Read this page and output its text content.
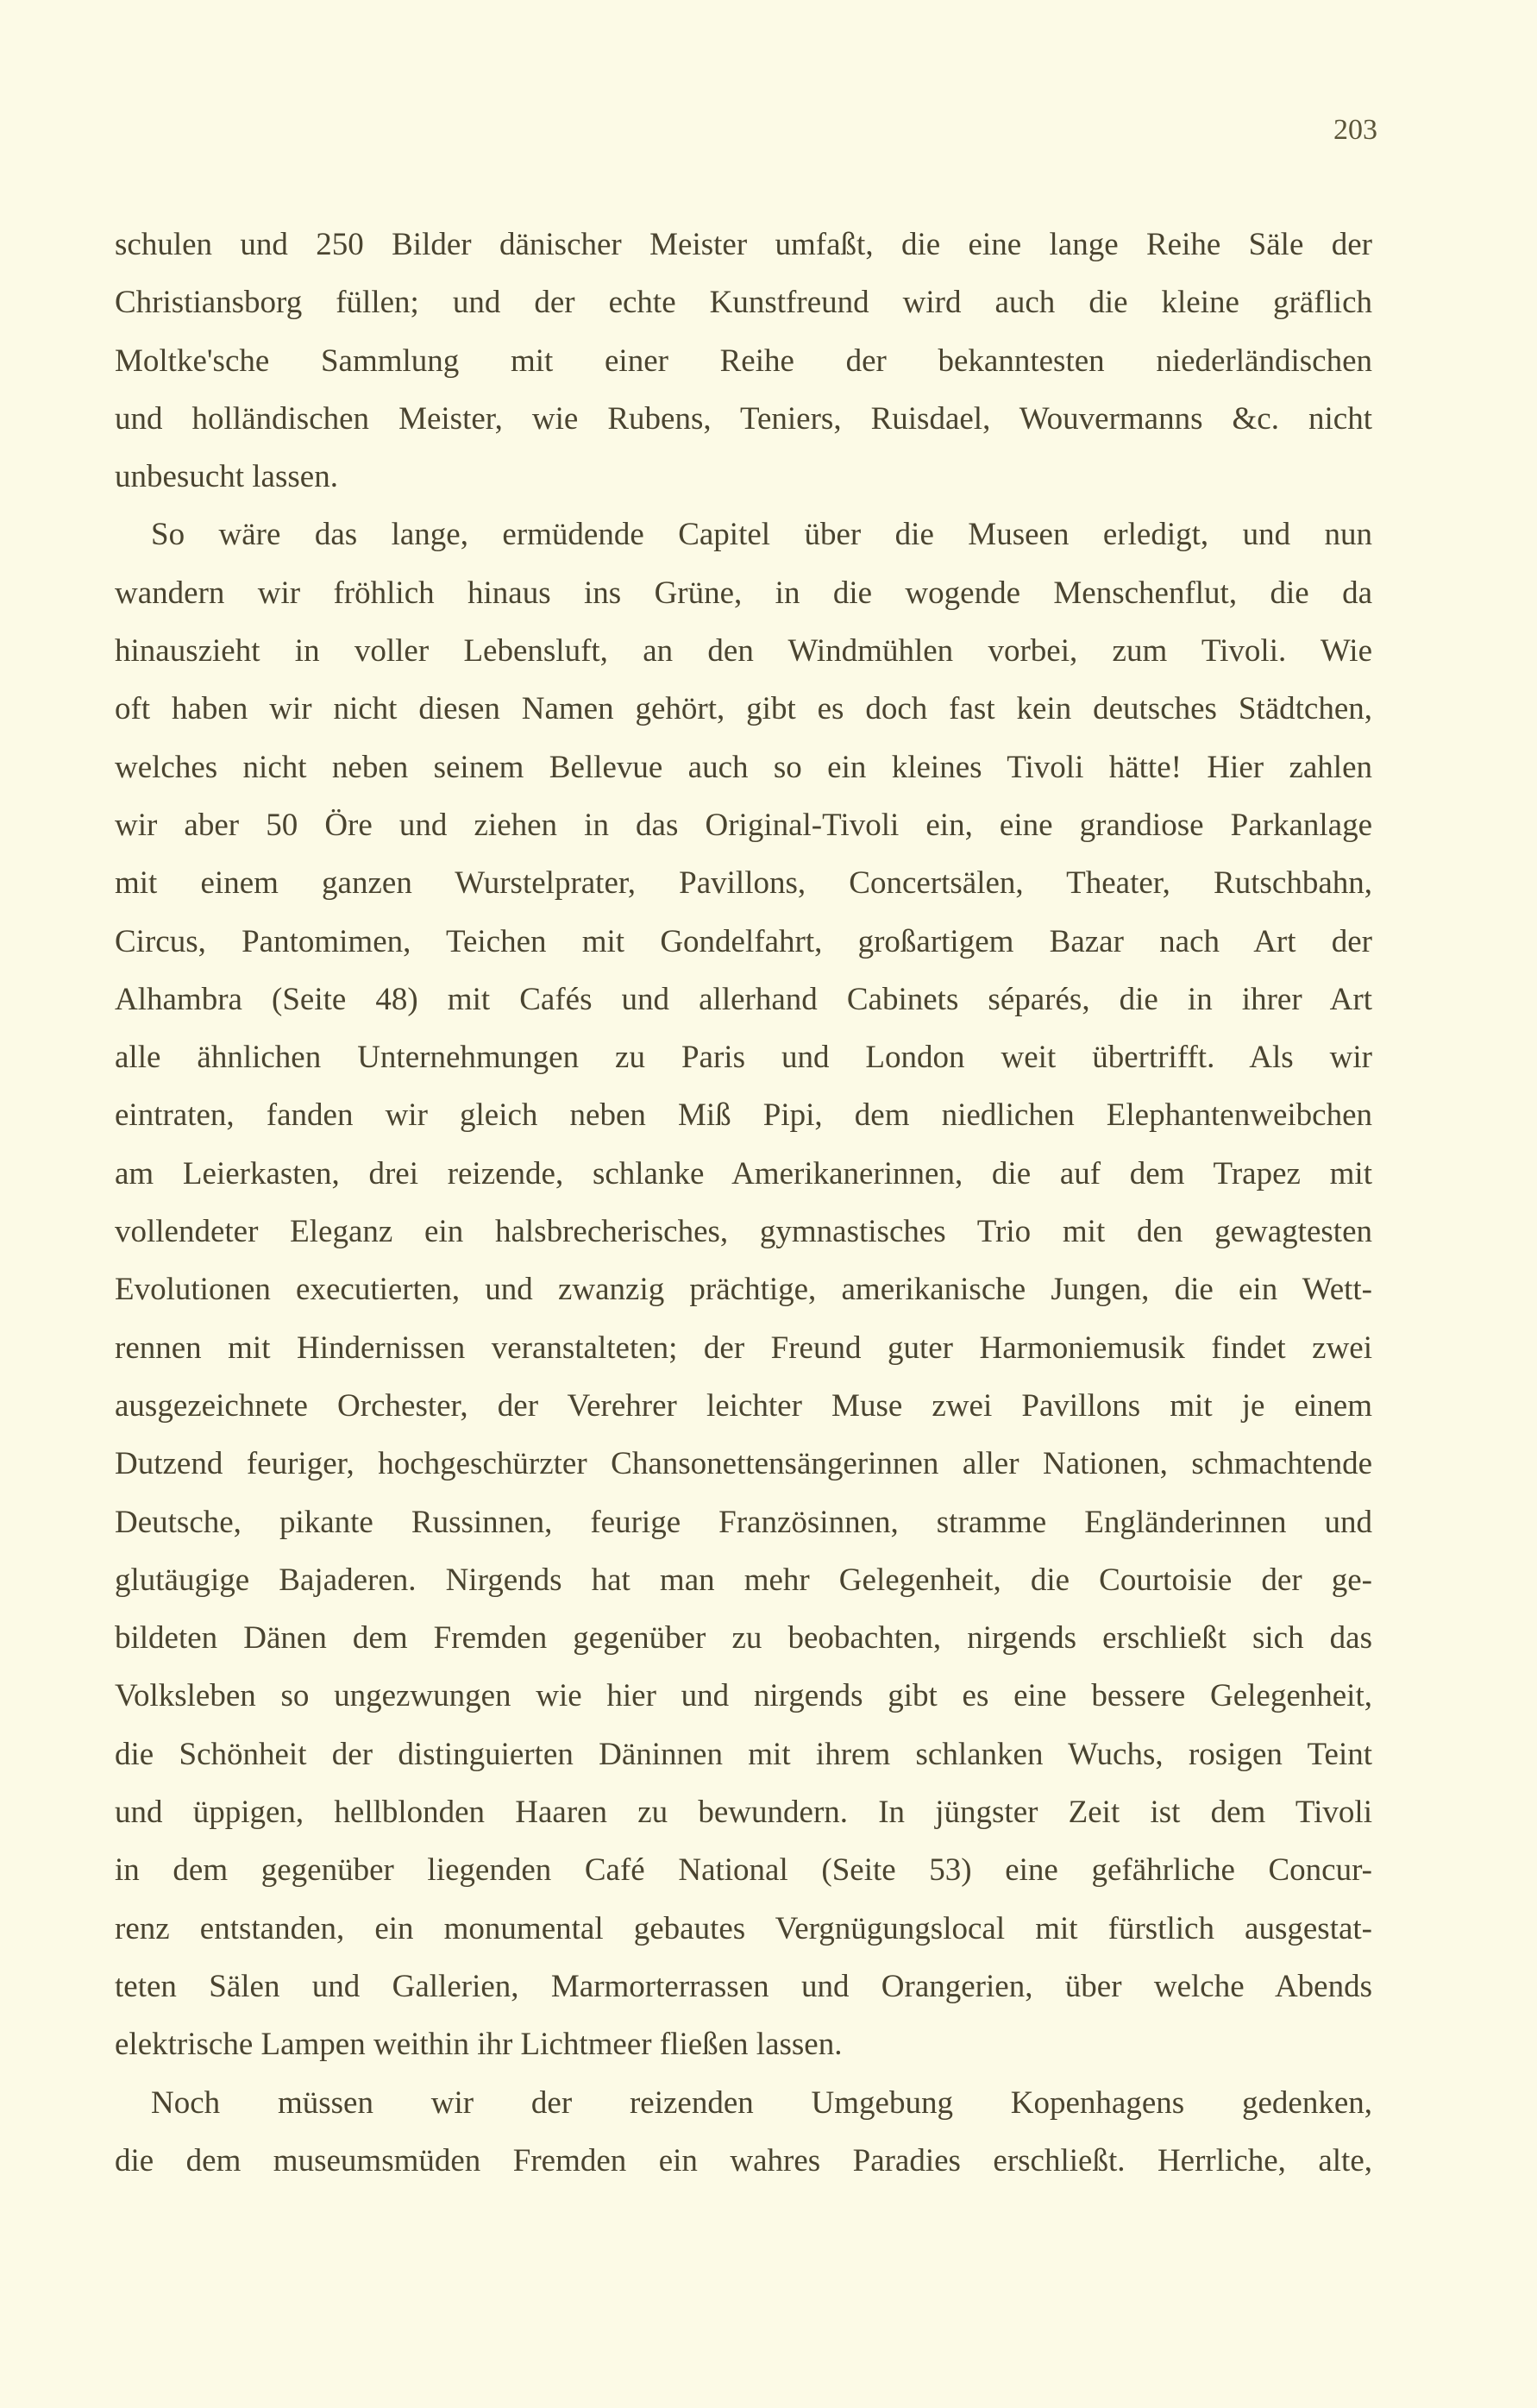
203
schulen und 250 Bilder dänischer Meister umfaßt, die eine lange Reihe Säle der
Christiansborg füllen; und der echte Kunstfreund wird auch die kleine gräflich
Moltke'sche Sammlung mit einer Reihe der bekanntesten niederländischen
und holländischen Meister, wie Rubens, Teniers, Ruisdael, Wouvermanns &c. nicht
unbesucht lassen.
So wäre das lange, ermüdende Capitel über die Museen erledigt, und nun
wandern wir fröhlich hinaus ins Grüne, in die wogende Menschenflut, die da
hinauszieht in voller Lebensluft, an den Windmühlen vorbei, zum Tivoli. Wie
oft haben wir nicht diesen Namen gehört, gibt es doch fast kein deutsches Städtchen,
welches nicht neben seinem Bellevue auch so ein kleines Tivoli hätte! Hier zahlen
wir aber 50 Öre und ziehen in das Original-Tivoli ein, eine grandiose Parkanlage
mit einem ganzen Wurstelprater, Pavillons, Concertsälen, Theater, Rutschbahn,
Circus, Pantomimen, Teichen mit Gondelfahrt, großartigem Bazar nach Art der
Alhambra (Seite 48) mit Cafés und allerhand Cabinets séparés, die in ihrer Art
alle ähnlichen Unternehmungen zu Paris und London weit übertrifft. Als wir
eintraten, fanden wir gleich neben Miß Pipi, dem niedlichen Elephantenweibchen
am Leierkasten, drei reizende, schlanke Amerikanerinnen, die auf dem Trapez mit
vollendeter Eleganz ein halsbrecherisches, gymnastisches Trio mit den gewagtesten
Evolutionen executierten, und zwanzig prächtige, amerikanische Jungen, die ein Wett-
rennen mit Hindernissen veranstalteten; der Freund guter Harmoniemusik findet zwei
ausgezeichnete Orchester, der Verehrer leichter Muse zwei Pavillons mit je einem
Dutzend feuriger, hochgeschürzter Chansonettensängerinnen aller Nationen, schmachtende
Deutsche, pikante Russinnen, feurige Französinnen, stramme Engländerinnen und
glutäugige Bajaderen. Nirgends hat man mehr Gelegenheit, die Courtoisie der ge-
bildeten Dänen dem Fremden gegenüber zu beobachten, nirgends erschließt sich das
Volksleben so ungezwungen wie hier und nirgends gibt es eine bessere Gelegenheit,
die Schönheit der distinguierten Däninnen mit ihrem schlanken Wuchs, rosigen Teint
und üppigen, hellblonden Haaren zu bewundern. In jüngster Zeit ist dem Tivoli
in dem gegenüber liegenden Café National (Seite 53) eine gefährliche Concur-
renz entstanden, ein monumental gebautes Vergnügungslocal mit fürstlich ausgestat-
teten Sälen und Gallerien, Marmorterrassen und Orangerien, über welche Abends
elektrische Lampen weithin ihr Lichtmeer fließen lassen.
Noch müssen wir der reizenden Umgebung Kopenhagens gedenken,
die dem museumsmüden Fremden ein wahres Paradies erschließt. Herrliche, alte,
